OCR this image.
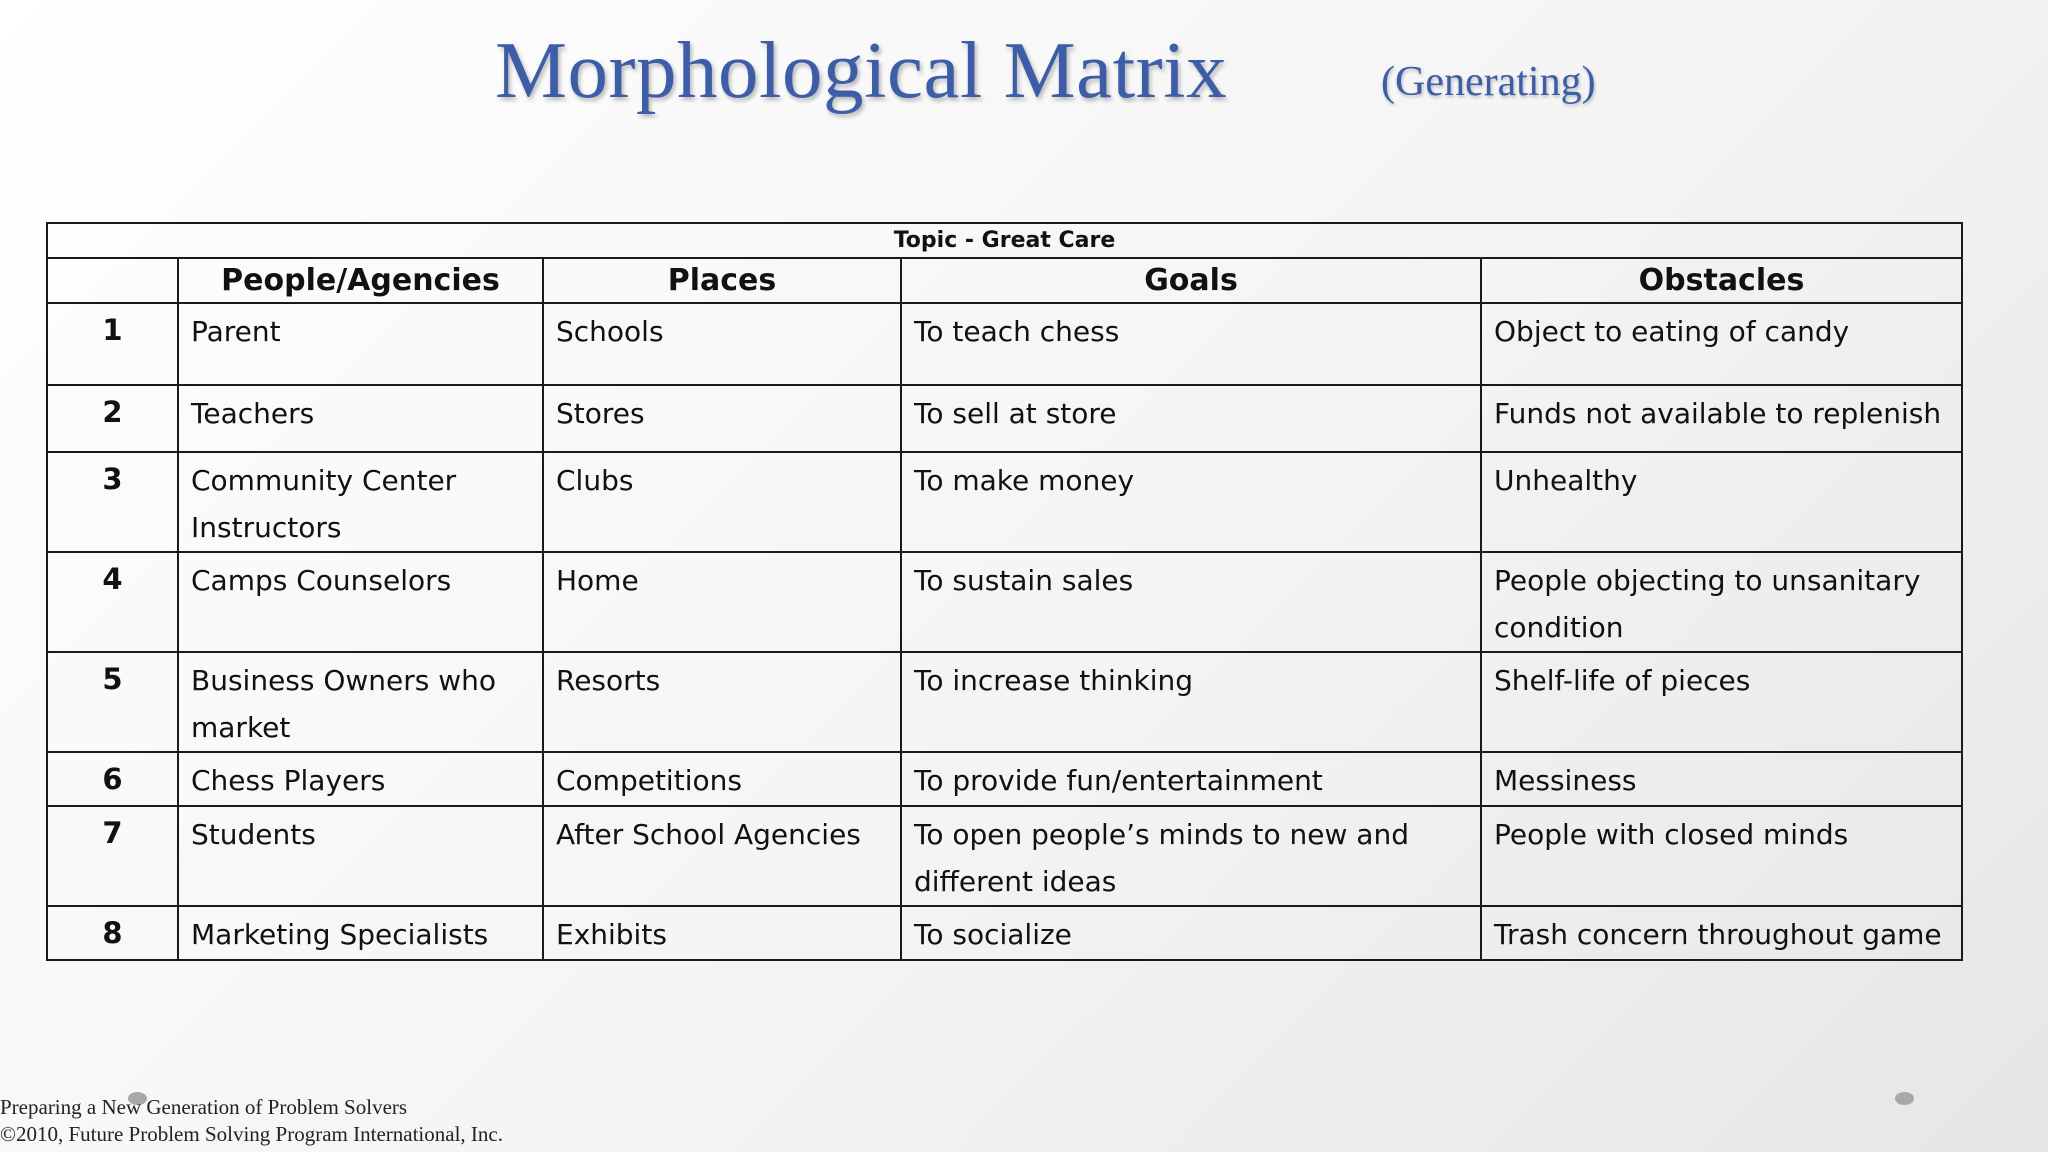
Morphological Matrix	(Generating)
Topic - Great Care				
	People/Agencies	Places	Goals	Obstacles
1	Parent	Schools	To teach chess	Object to eating of candy
2	Teachers	Stores	To sell at store	Funds not available to replenish
3	Community Center Instructors	Clubs	To make money	Unhealthy
4	Camps Counselors	Home	To sustain sales	People objecting to unsanitary condition
5	Business Owners who market	Resorts	To increase thinking	Shelf-life of pieces
6	Chess Players	Competitions	To provide fun/entertainment	Messiness
7	Students	After School Agencies	To open people’s minds to new and different ideas	People with closed minds
8	Marketing Specialists	Exhibits	To socialize	Trash concern throughout game
Preparing a New Generation of Problem Solvers
©2010, Future Problem Solving Program International, Inc.
